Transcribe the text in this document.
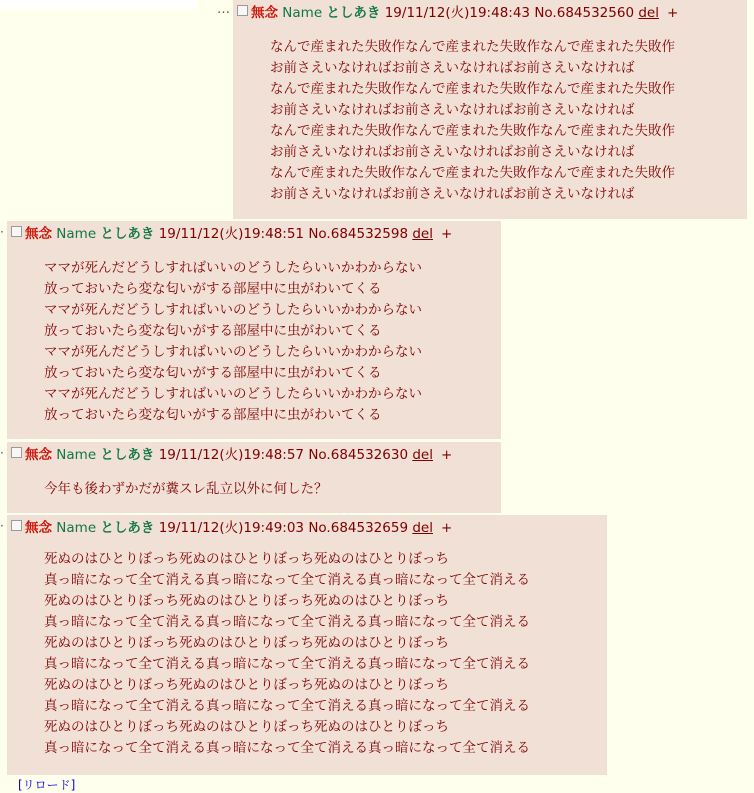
…	無念 Name としあき 19/11/12(火)19:48:43 No.684532560 del +
なんで産まれた失敗作なんで産まれた失敗作なんで産まれた失敗作
お前さえいなければお前さえいなければお前さえいなければ
なんで産まれた失敗作なんで産まれた失敗作なんで産まれた失敗作
お前さえいなければお前さえいなければお前さえいなければ
なんで産まれた失敗作なんで産まれた失敗作なんで産まれた失敗作
お前さえいなければお前さえいなければお前さえいなければ
なんで産まれた失敗作なんで産まれた失敗作なんで産まれた失敗作
お前さえいなければお前さえいなければお前さえいなければ
·	無念 Name としあき 19/11/12(火)19:48:51 No.684532598 del +
ママが死んだどうしすればいいのどうしたらいいかわからない
放っておいたら変な匂いがする部屋中に虫がわいてくる
ママが死んだどうしすればいいのどうしたらいいかわからない
放っておいたら変な匂いがする部屋中に虫がわいてくる
ママが死んだどうしすればいいのどうしたらいいかわからない
放っておいたら変な匂いがする部屋中に虫がわいてくる
ママが死んだどうしすればいいのどうしたらいいかわからない
放っておいたら変な匂いがする部屋中に虫がわいてくる
·	無念 Name としあき 19/11/12(火)19:48:57 No.684532630 del +
今年も後わずかだが糞スレ乱立以外に何した？
·	無念 Name としあき 19/11/12(火)19:49:03 No.684532659 del +
死ぬのはひとりぼっち死ぬのはひとりぼっち死ぬのはひとりぼっち
真っ暗になって全て消える真っ暗になって全て消える真っ暗になって全て消える
死ぬのはひとりぼっち死ぬのはひとりぼっち死ぬのはひとりぼっち
真っ暗になって全て消える真っ暗になって全て消える真っ暗になって全て消える
死ぬのはひとりぼっち死ぬのはひとりぼっち死ぬのはひとりぼっち
真っ暗になって全て消える真っ暗になって全て消える真っ暗になって全て消える
死ぬのはひとりぼっち死ぬのはひとりぼっち死ぬのはひとりぼっち
真っ暗になって全て消える真っ暗になって全て消える真っ暗になって全て消える
死ぬのはひとりぼっち死ぬのはひとりぼっち死ぬのはひとりぼっち
真っ暗になって全て消える真っ暗になって全て消える真っ暗になって全て消える
[リロード]
